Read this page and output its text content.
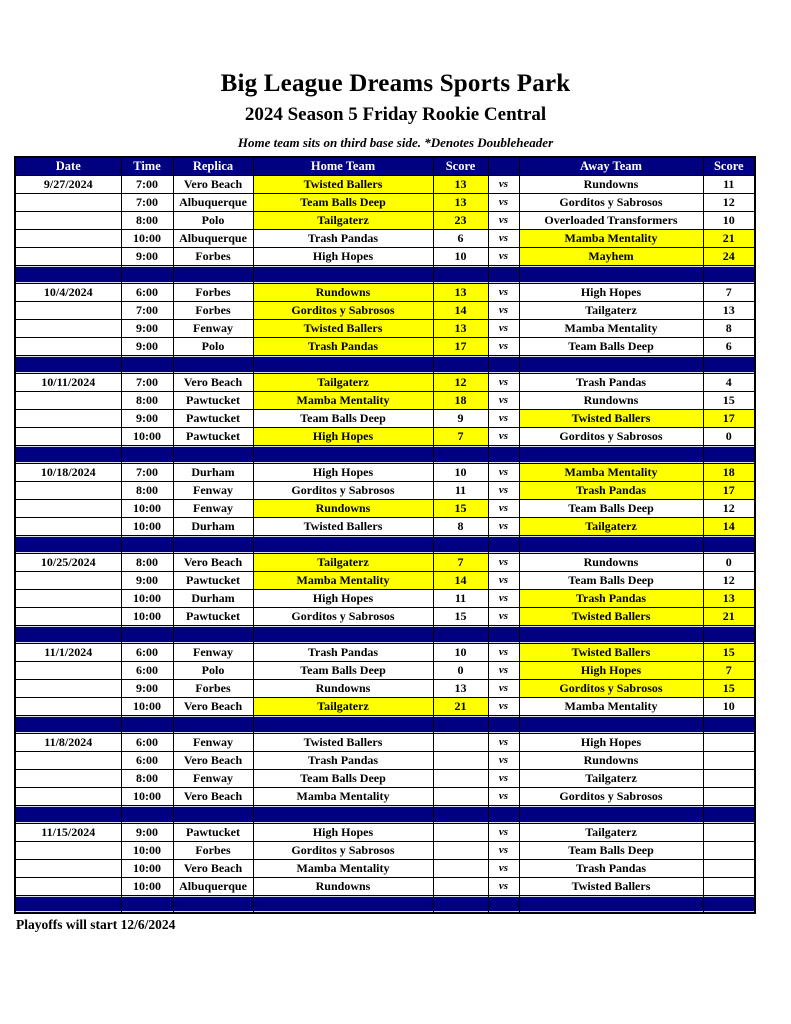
Big League Dreams Sports Park
2024 Season 5 Friday Rookie Central
Home team sits on third base side. *Denotes Doubleheader
Date	Time	Replica	Home Team	Score		Away Team	Score
9/27/2024	7:00	Vero Beach	Twisted Ballers	13	vs	Rundowns	11
	7:00	Albuquerque	Team Balls Deep	13	vs	Gorditos y Sabrosos	12
	8:00	Polo	Tailgaterz	23	vs	Overloaded Transformers	10
	10:00	Albuquerque	Trash Pandas	6	vs	Mamba Mentality	21
	9:00	Forbes	High Hopes	10	vs	Mayhem	24

10/4/2024	6:00	Forbes	Rundowns	13	vs	High Hopes	7
	7:00	Forbes	Gorditos y Sabrosos	14	vs	Tailgaterz	13
	9:00	Fenway	Twisted Ballers	13	vs	Mamba Mentality	8
	9:00	Polo	Trash Pandas	17	vs	Team Balls Deep	6

10/11/2024	7:00	Vero Beach	Tailgaterz	12	vs	Trash Pandas	4
	8:00	Pawtucket	Mamba Mentality	18	vs	Rundowns	15
	9:00	Pawtucket	Team Balls Deep	9	vs	Twisted Ballers	17
	10:00	Pawtucket	High Hopes	7	vs	Gorditos y Sabrosos	0

10/18/2024	7:00	Durham	High Hopes	10	vs	Mamba Mentality	18
	8:00	Fenway	Gorditos y Sabrosos	11	vs	Trash Pandas	17
	10:00	Fenway	Rundowns	15	vs	Team Balls Deep	12
	10:00	Durham	Twisted Ballers	8	vs	Tailgaterz	14

10/25/2024	8:00	Vero Beach	Tailgaterz	7	vs	Rundowns	0
	9:00	Pawtucket	Mamba Mentality	14	vs	Team Balls Deep	12
	10:00	Durham	High Hopes	11	vs	Trash Pandas	13
	10:00	Pawtucket	Gorditos y Sabrosos	15	vs	Twisted Ballers	21

11/1/2024	6:00	Fenway	Trash Pandas	10	vs	Twisted Ballers	15
	6:00	Polo	Team Balls Deep	0	vs	High Hopes	7
	9:00	Forbes	Rundowns	13	vs	Gorditos y Sabrosos	15
	10:00	Vero Beach	Tailgaterz	21	vs	Mamba Mentality	10

11/8/2024	6:00	Fenway	Twisted Ballers		vs	High Hopes	
	6:00	Vero Beach	Trash Pandas		vs	Rundowns	
	8:00	Fenway	Team Balls Deep		vs	Tailgaterz	
	10:00	Vero Beach	Mamba Mentality		vs	Gorditos y Sabrosos	

11/15/2024	9:00	Pawtucket	High Hopes		vs	Tailgaterz	
	10:00	Forbes	Gorditos y Sabrosos		vs	Team Balls Deep	
	10:00	Vero Beach	Mamba Mentality		vs	Trash Pandas	
	10:00	Albuquerque	Rundowns		vs	Twisted Ballers	

Playoffs will start 12/6/2024
